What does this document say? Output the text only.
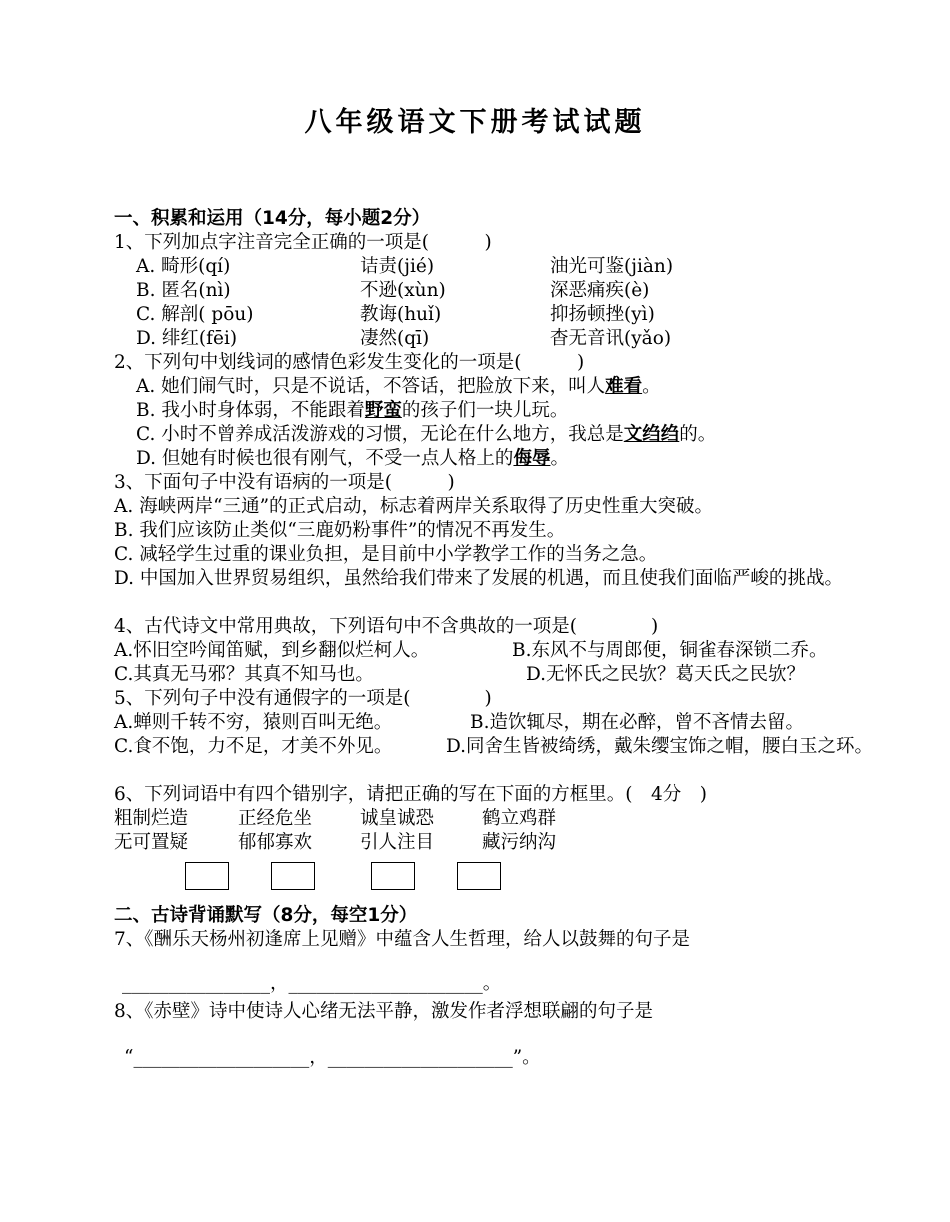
八年级语文下册考试试题
一、积累和运用（14分，每小题2分）
1、下列加点字注音完全正确的一项是(　　　)
A. 畸形(qí)	诘责(jié)	油光可鉴(jiàn)
B. 匿名(nì)	不逊(xùn)	深恶痛疾(è)
C. 解剖( pōu)	教诲(huǐ)	抑扬顿挫(yì)
D. 绯红(fēi)	凄然(qī)	杳无音讯(yǎo)
2、下列句中划线词的感情色彩发生变化的一项是(　　　)
A. 她们闹气时，只是不说话，不答话，把脸放下来，叫人难看。
B. 我小时身体弱，不能跟着野蛮的孩子们一块儿玩。
C. 小时不曾养成活泼游戏的习惯，无论在什么地方，我总是文绉绉的。
D. 但她有时候也很有刚气，不受一点人格上的侮辱。
3、下面句子中没有语病的一项是(　　　)
A. 海峡两岸“三通”的正式启动，标志着两岸关系取得了历史性重大突破。
B. 我们应该防止类似“三鹿奶粉事件”的情况不再发生。
C. 减轻学生过重的课业负担，是目前中小学教学工作的当务之急。
D. 中国加入世界贸易组织，虽然给我们带来了发展的机遇，而且使我们面临严峻的挑战。
4、古代诗文中常用典故，下列语句中不含典故的一项是(　　　　)
A.怀旧空吟闻笛赋，到乡翻似烂柯人。	B.东风不与周郎便，铜雀春深锁二乔。
C.其真无马邪？其真不知马也。	D.无怀氏之民欤？葛天氏之民欤？
5、下列句子中没有通假字的一项是(　　　　)
A.蝉则千转不穷，猿则百叫无绝。	B.造饮辄尽，期在必醉，曾不吝情去留。
C.食不饱，力不足，才美不外见。	D.同舍生皆被绮绣，戴朱缨宝饰之帽，腰白玉之环。
6、下列词语中有四个错别字，请把正确的写在下面的方框里。(　4分　)
粗制烂造	正经危坐	诚皇诚恐	鹤立鸡群
无可置疑	郁郁寡欢	引人注目	藏污纳沟
二、古诗背诵默写（8分，每空1分）
7、《酬乐天杨州初逢席上见赠》中蕴含人生哲理，给人以鼓舞的句子是
________________，_____________________。
8、《赤壁》诗中使诗人心绪无法平静，激发作者浮想联翩的句子是
“___________________，____________________”。
